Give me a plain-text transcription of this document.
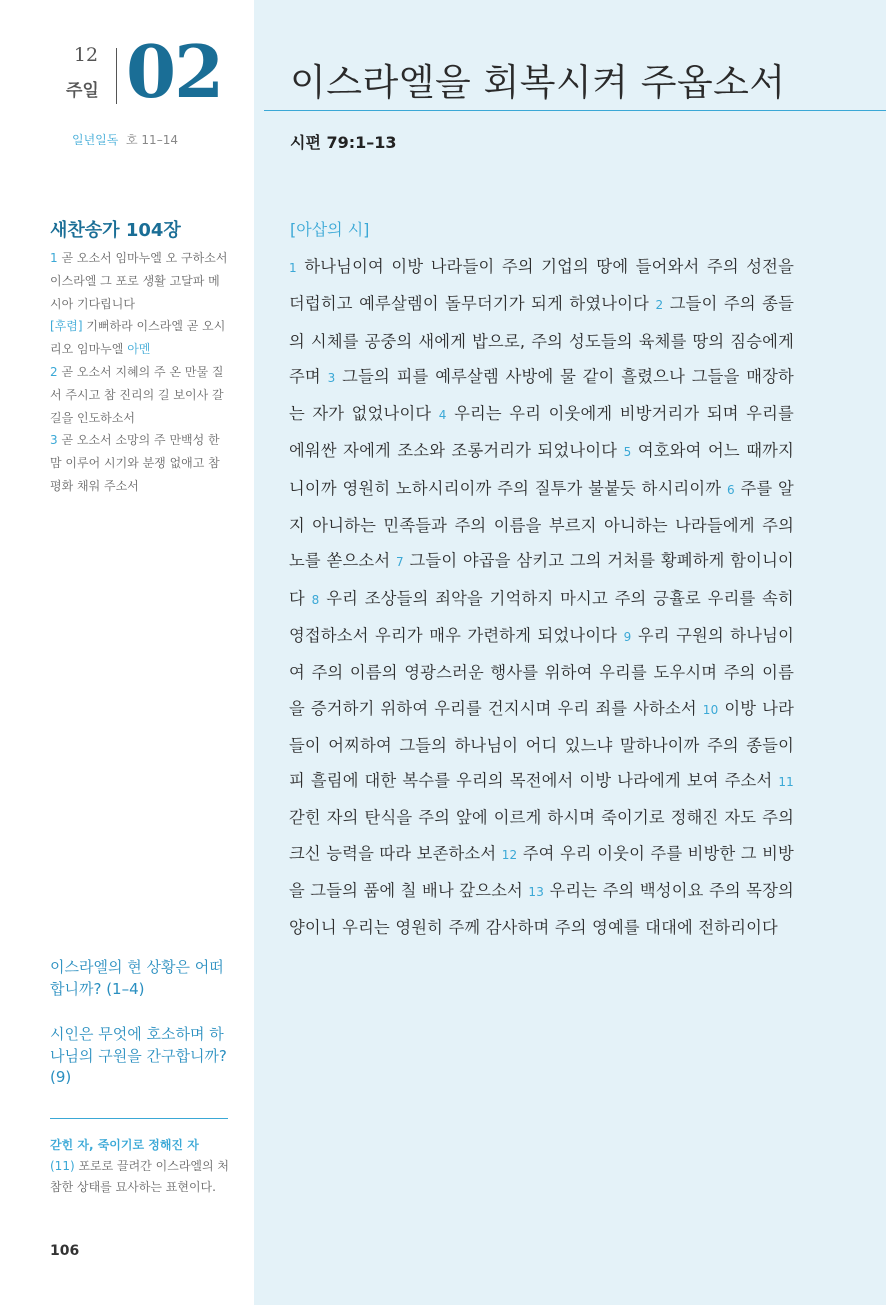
12
주일 02
일년일독 호 11–14
이스라엘을 회복시켜 주옵소서
시편 79:1–13
새찬송가 104장
1 곧 오소서 임마누엘 오 구하소서 이스라엘 그 포로 생활 고달파 메시아 기다립니다
[후렴] 기뻐하라 이스라엘 곧 오시리오 임마누엘 아멘
2 곧 오소서 지혜의 주 온 만물 질서 주시고 참 진리의 길 보이사 갈 길을 인도하소서
3 곧 오소서 소망의 주 만백성 한맘 이루어 시기와 분쟁 없애고 참 평화 채워 주소서
[아삽의 시]
1 하나님이여 이방 나라들이 주의 기업의 땅에 들어와서 주의 성전을 더럽히고 예루살렘이 돌무더기가 되게 하였나이다 2 그들이 주의 종들의 시체를 공중의 새에게 밥으로, 주의 성도들의 육체를 땅의 짐승에게 주며 3 그들의 피를 예루살렘 사방에 물 같이 흘렸으나 그들을 매장하는 자가 없었나이다 4 우리는 우리 이웃에게 비방거리가 되며 우리를 에워싼 자에게 조소와 조롱거리가 되었나이다 5 여호와여 어느 때까지니이까 영원히 노하시리이까 주의 질투가 불붙듯 하시리이까 6 주를 알지 아니하는 민족들과 주의 이름을 부르지 아니하는 나라들에게 주의 노를 쏟으소서 7 그들이 야곱을 삼키고 그의 거처를 황폐하게 함이니이다 8 우리 조상들의 죄악을 기억하지 마시고 주의 긍휼로 우리를 속히 영접하소서 우리가 매우 가련하게 되었나이다 9 우리 구원의 하나님이여 주의 이름의 영광스러운 행사를 위하여 우리를 도우시며 주의 이름을 증거하기 위하여 우리를 건지시며 우리 죄를 사하소서 10 이방 나라들이 어찌하여 그들의 하나님이 어디 있느냐 말하나이까 주의 종들이 피 흘림에 대한 복수를 우리의 목전에서 이방 나라에게 보여 주소서 11 갇힌 자의 탄식을 주의 앞에 이르게 하시며 죽이기로 정해진 자도 주의 크신 능력을 따라 보존하소서 12 주여 우리 이웃이 주를 비방한 그 비방을 그들의 품에 칠 배나 갚으소서 13 우리는 주의 백성이요 주의 목장의 양이니 우리는 영원히 주께 감사하며 주의 영예를 대대에 전하리이다
이스라엘의 현 상황은 어떠합니까? (1–4)
시인은 무엇에 호소하며 하나님의 구원을 간구합니까? (9)
갇힌 자, 죽이기로 정해진 자
(11) 포로로 끌려간 이스라엘의 처참한 상태를 묘사하는 표현이다.
106
